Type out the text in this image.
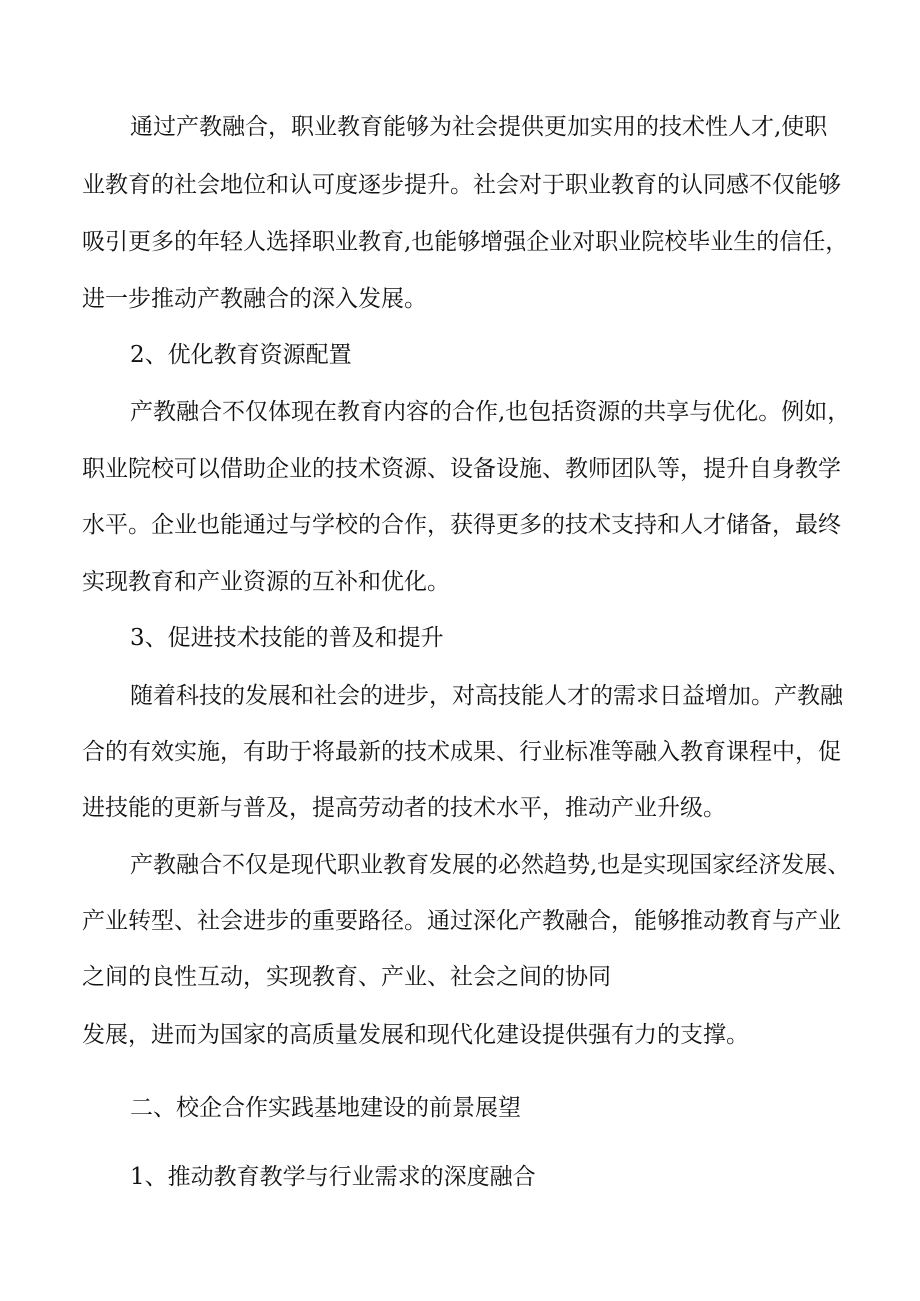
通过产教融合，职业教育能够为社会提供更加实用的技术性人才,使职

业教育的社会地位和认可度逐步提升。社会对于职业教育的认同感不仅能够

吸引更多的年轻人选择职业教育,也能够增强企业对职业院校毕业生的信任，

进一步推动产教融合的深入发展。

2、优化教育资源配置

产教融合不仅体现在教育内容的合作,也包括资源的共享与优化。例如，

职业院校可以借助企业的技术资源、设备设施、教师团队等，提升自身教学

水平。企业也能通过与学校的合作，获得更多的技术支持和人才储备，最终

实现教育和产业资源的互补和优化。

3、促进技术技能的普及和提升

随着科技的发展和社会的进步，对高技能人才的需求日益增加。产教融

合的有效实施，有助于将最新的技术成果、行业标准等融入教育课程中，促

进技能的更新与普及，提高劳动者的技术水平，推动产业升级。

产教融合不仅是现代职业教育发展的必然趋势,也是实现国家经济发展、

产业转型、社会进步的重要路径。通过深化产教融合，能够推动教育与产业

之间的良性互动，实现教育、产业、社会之间的协同

发展，进而为国家的高质量发展和现代化建设提供强有力的支撑。

二、校企合作实践基地建设的前景展望

1、推动教育教学与行业需求的深度融合
